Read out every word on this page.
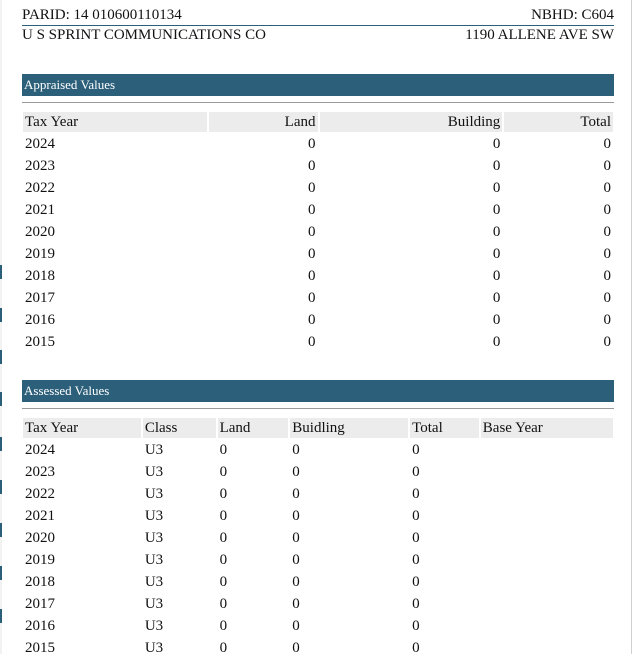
PARID: 14 010600110134	NBHD: C604
U S SPRINT COMMUNICATIONS CO	1190 ALLENE AVE SW
Appraised Values
Tax Year	Land	Building	Total
2024	0	0	0
2023	0	0	0
2022	0	0	0
2021	0	0	0
2020	0	0	0
2019	0	0	0
2018	0	0	0
2017	0	0	0
2016	0	0	0
2015	0	0	0
Assessed Values
Tax Year	Class	Land	Buidling	Total	Base Year
2024	U3	0	0	0	
2023	U3	0	0	0	
2022	U3	0	0	0	
2021	U3	0	0	0	
2020	U3	0	0	0	
2019	U3	0	0	0	
2018	U3	0	0	0	
2017	U3	0	0	0	
2016	U3	0	0	0	
2015	U3	0	0	0	
